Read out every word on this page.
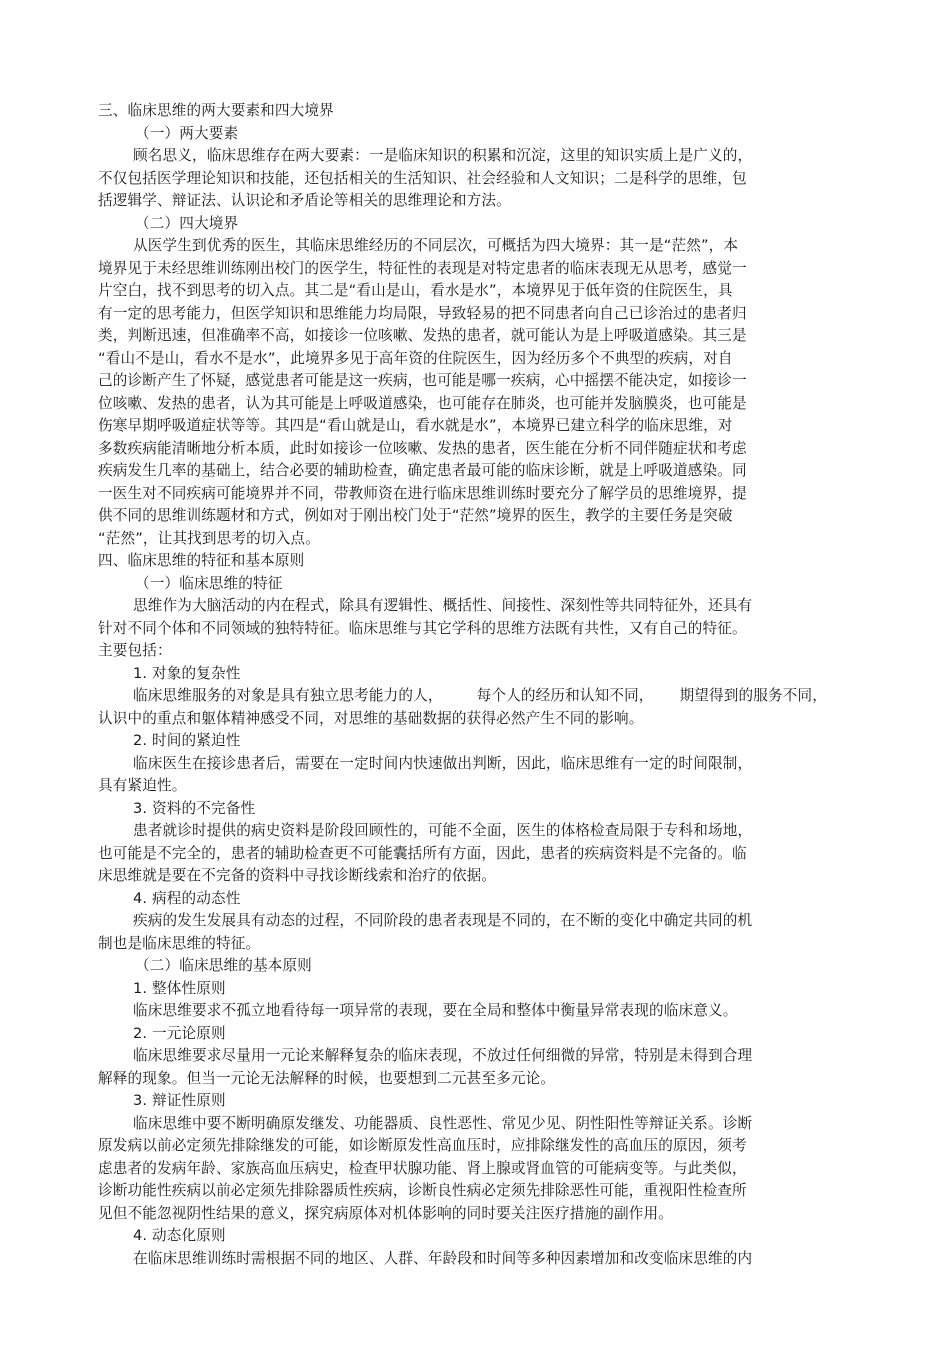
三、临床思维的两大要素和四大境界
（一）两大要素
顾名思义，临床思维存在两大要素：一是临床知识的积累和沉淀，这里的知识实质上是广义的，
不仅包括医学理论知识和技能，还包括相关的生活知识、社会经验和人文知识；二是科学的思维，包
括逻辑学、辩证法、认识论和矛盾论等相关的思维理论和方法。
（二）四大境界
从医学生到优秀的医生，其临床思维经历的不同层次，可概括为四大境界：其一是“茫然”，本
境界见于未经思维训练刚出校门的医学生，特征性的表现是对特定患者的临床表现无从思考，感觉一
片空白，找不到思考的切入点。其二是“看山是山，看水是水”，本境界见于低年资的住院医生，具
有一定的思考能力，但医学知识和思维能力均局限，导致轻易的把不同患者向自己已诊治过的患者归
类，判断迅速，但准确率不高，如接诊一位咳嗽、发热的患者，就可能认为是上呼吸道感染。其三是
“看山不是山，看水不是水”，此境界多见于高年资的住院医生，因为经历多个不典型的疾病，对自
己的诊断产生了怀疑，感觉患者可能是这一疾病，也可能是哪一疾病，心中摇摆不能决定，如接诊一
位咳嗽、发热的患者，认为其可能是上呼吸道感染，也可能存在肺炎，也可能并发脑膜炎，也可能是
伤寒早期呼吸道症状等等。其四是“看山就是山，看水就是水”，本境界已建立科学的临床思维，对
多数疾病能清晰地分析本质，此时如接诊一位咳嗽、发热的患者，医生能在分析不同伴随症状和考虑
疾病发生几率的基础上，结合必要的辅助检查，确定患者最可能的临床诊断，就是上呼吸道感染。同
一医生对不同疾病可能境界并不同，带教师资在进行临床思维训练时要充分了解学员的思维境界，提
供不同的思维训练题材和方式，例如对于刚出校门处于“茫然”境界的医生，教学的主要任务是突破
“茫然”，让其找到思考的切入点。
四、临床思维的特征和基本原则
（一）临床思维的特征
思维作为大脑活动的内在程式，除具有逻辑性、概括性、间接性、深刻性等共同特征外，还具有
针对不同个体和不同领域的独特特征。临床思维与其它学科的思维方法既有共性，又有自己的特征。
主要包括：
1. 对象的复杂性
临床思维服务的对象是具有独立思考能力的人， 每个人的经历和认知不同， 期望得到的服务不同，
认识中的重点和躯体精神感受不同，对思维的基础数据的获得必然产生不同的影响。
2. 时间的紧迫性
临床医生在接诊患者后，需要在一定时间内快速做出判断，因此，临床思维有一定的时间限制，
具有紧迫性。
3. 资料的不完备性
患者就诊时提供的病史资料是阶段回顾性的，可能不全面，医生的体格检查局限于专科和场地，
也可能是不完全的，患者的辅助检查更不可能囊括所有方面，因此，患者的疾病资料是不完备的。临
床思维就是要在不完备的资料中寻找诊断线索和治疗的依据。
4. 病程的动态性
疾病的发生发展具有动态的过程，不同阶段的患者表现是不同的，在不断的变化中确定共同的机
制也是临床思维的特征。
（二）临床思维的基本原则
1. 整体性原则
临床思维要求不孤立地看待每一项异常的表现，要在全局和整体中衡量异常表现的临床意义。
2. 一元论原则
临床思维要求尽量用一元论来解释复杂的临床表现，不放过任何细微的异常，特别是未得到合理
解释的现象。但当一元论无法解释的时候，也要想到二元甚至多元论。
3. 辩证性原则
临床思维中要不断明确原发继发、功能器质、良性恶性、常见少见、阴性阳性等辩证关系。诊断
原发病以前必定须先排除继发的可能，如诊断原发性高血压时，应排除继发性的高血压的原因，须考
虑患者的发病年龄、家族高血压病史，检查甲状腺功能、肾上腺或肾血管的可能病变等。与此类似，
诊断功能性疾病以前必定须先排除器质性疾病，诊断良性病必定须先排除恶性可能，重视阳性检查所
见但不能忽视阴性结果的意义，探究病原体对机体影响的同时要关注医疗措施的副作用。
4. 动态化原则
在临床思维训练时需根据不同的地区、人群、年龄段和时间等多种因素增加和改变临床思维的内
